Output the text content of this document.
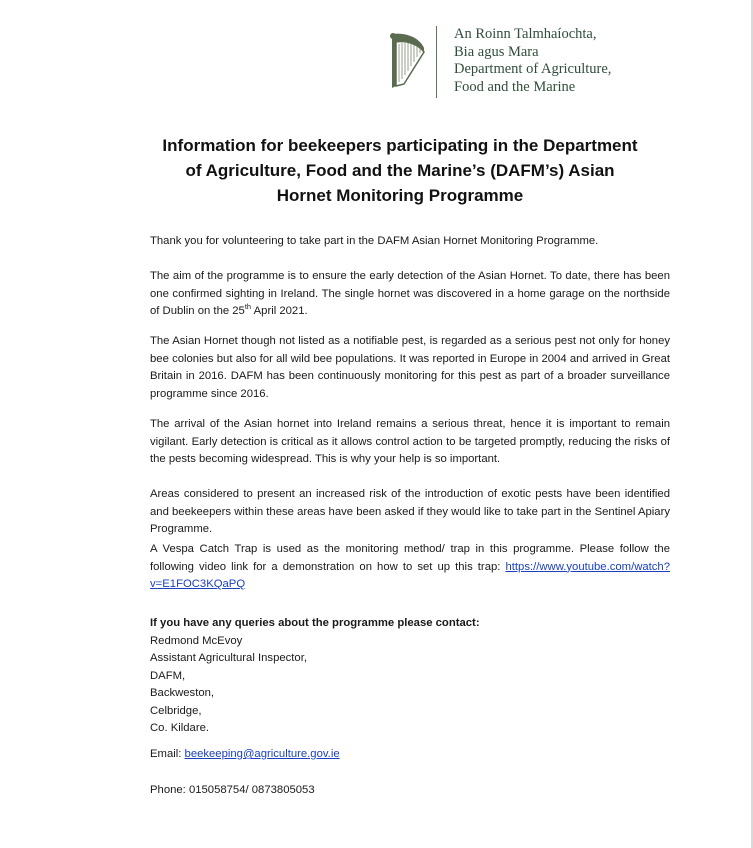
An Roinn Talmhaíochta,
Bia agus Mara
Department of Agriculture,
Food and the Marine
Information for beekeepers participating in the Department
of Agriculture, Food and the Marine’s (DAFM’s) Asian
Hornet Monitoring Programme
Thank you for volunteering to take part in the DAFM Asian Hornet Monitoring Programme.
The aim of the programme is to ensure the early detection of the Asian Hornet. To date, there has been one confirmed sighting in Ireland. The single hornet was discovered in a home garage on the northside of Dublin on the 25th April 2021.
The Asian Hornet though not listed as a notifiable pest, is regarded as a serious pest not only for honey bee colonies but also for all wild bee populations. It was reported in Europe in 2004 and arrived in Great Britain in 2016. DAFM has been continuously monitoring for this pest as part of a broader surveillance programme since 2016.
The arrival of the Asian hornet into Ireland remains a serious threat, hence it is important to remain vigilant. Early detection is critical as it allows control action to be targeted promptly, reducing the risks of the pests becoming widespread. This is why your help is so important.
Areas considered to present an increased risk of the introduction of exotic pests have been identified and beekeepers within these areas have been asked if they would like to take part in the Sentinel Apiary Programme.
A Vespa Catch Trap is used as the monitoring method/ trap in this programme. Please follow the following video link for a demonstration on how to set up this trap: https://www.youtube.com/watch?v=E1FOC3KQaPQ
If you have any queries about the programme please contact:
Redmond McEvoy
Assistant Agricultural Inspector,
DAFM,
Backweston,
Celbridge,
Co. Kildare.
Email: beekeeping@agriculture.gov.ie
Phone: 015058754/ 0873805053
